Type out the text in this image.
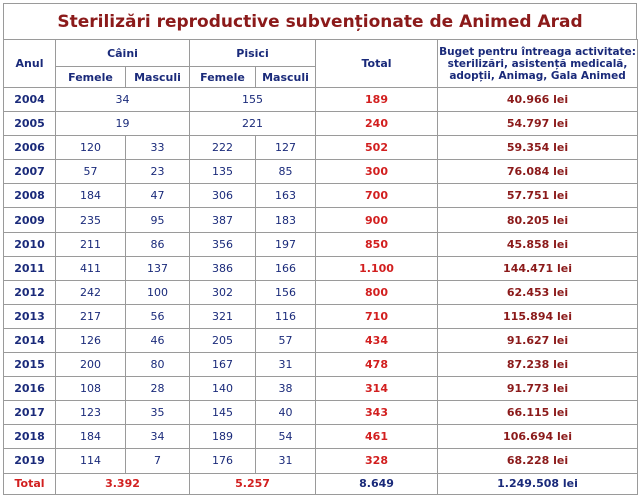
Sterilizări reproductive subvenționate de Animed Arad
Anul	Câini		Pisici		Total	Buget pentru întreaga activitate: sterilizări, asistență medicală, adopții, Animag, Gala Animed
	Femele	Masculi	Femele	Masculi		
2004	34		155		189	40.966 lei
2005	19		221		240	54.797 lei
2006	120	33	222	127	502	59.354 lei
2007	57	23	135	85	300	76.084 lei
2008	184	47	306	163	700	57.751 lei
2009	235	95	387	183	900	80.205 lei
2010	211	86	356	197	850	45.858 lei
2011	411	137	386	166	1.100	144.471 lei
2012	242	100	302	156	800	62.453 lei
2013	217	56	321	116	710	115.894 lei
2014	126	46	205	57	434	91.627 lei
2015	200	80	167	31	478	87.238 lei
2016	108	28	140	38	314	91.773 lei
2017	123	35	145	40	343	66.115 lei
2018	184	34	189	54	461	106.694 lei
2019	114	7	176	31	328	68.228 lei
Total	3.392		5.257		8.649	1.249.508 lei
